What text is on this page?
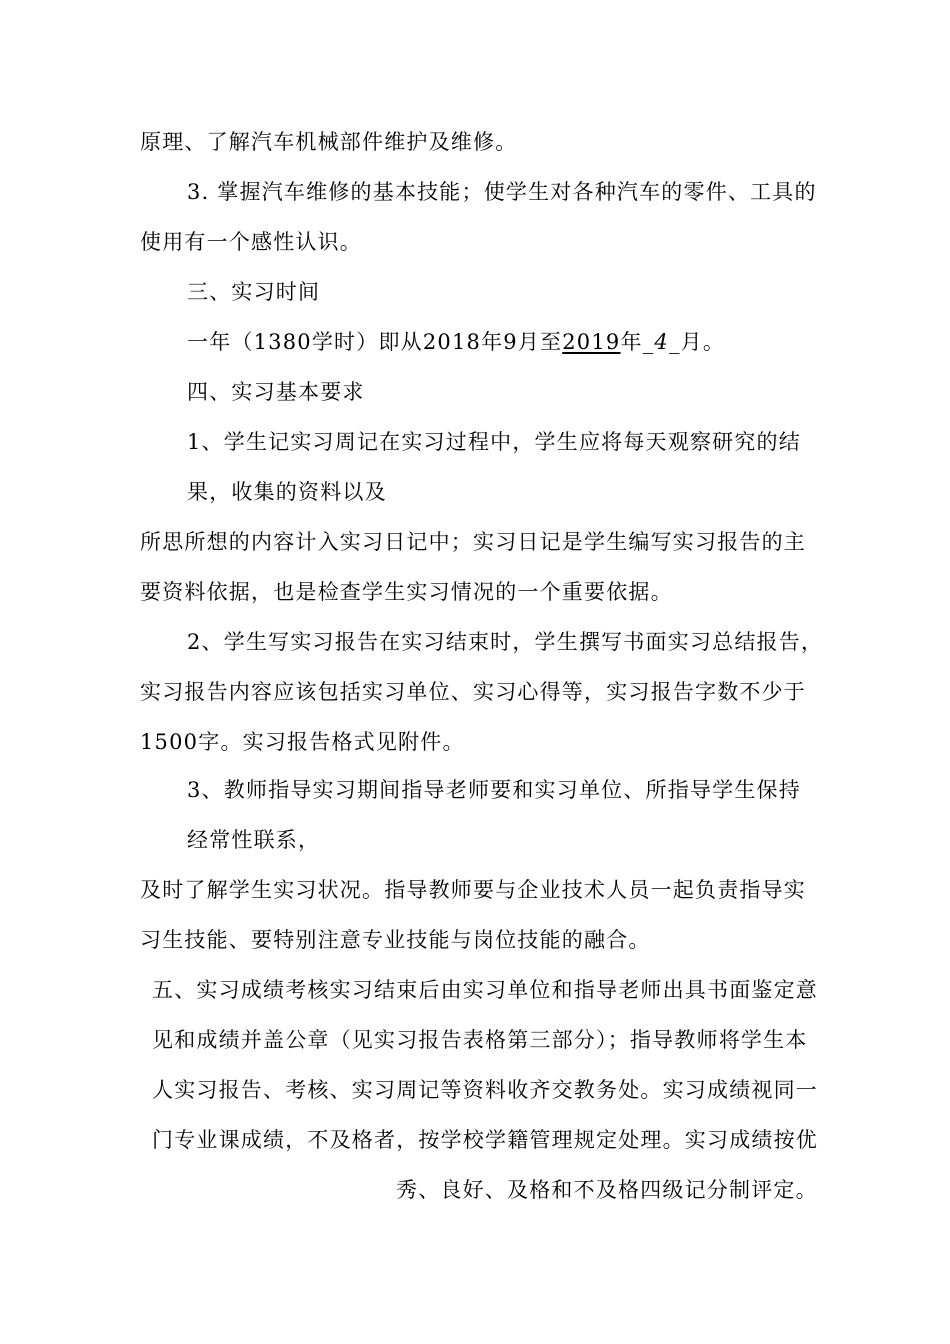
原理、了解汽车机械部件维护及维修。
3. 掌握汽车维修的基本技能；使学生对各种汽车的零件、工具的
使用有一个感性认识。
三、实习时间
一年（1380学时）即从2018年9月至2019年_4_月。
四、实习基本要求
1、学生记实习周记在实习过程中，学生应将每天观察研究的结
果，收集的资料以及
所思所想的内容计入实习日记中；实习日记是学生编写实习报告的主
要资料依据，也是检查学生实习情况的一个重要依据。
2、学生写实习报告在实习结束时，学生撰写书面实习总结报告，
实习报告内容应该包括实习单位、实习心得等，实习报告字数不少于
1500字。实习报告格式见附件。
3、教师指导实习期间指导老师要和实习单位、所指导学生保持
经常性联系，
及时了解学生实习状况。指导教师要与企业技术人员一起负责指导实
习生技能、要特别注意专业技能与岗位技能的融合。
五、实习成绩考核实习结束后由实习单位和指导老师出具书面鉴定意
见和成绩并盖公章（见实习报告表格第三部分）；指导教师将学生本
人实习报告、考核、实习周记等资料收齐交教务处。实习成绩视同一
门专业课成绩，不及格者，按学校学籍管理规定处理。实习成绩按优
秀、良好、及格和不及格四级记分制评定。
